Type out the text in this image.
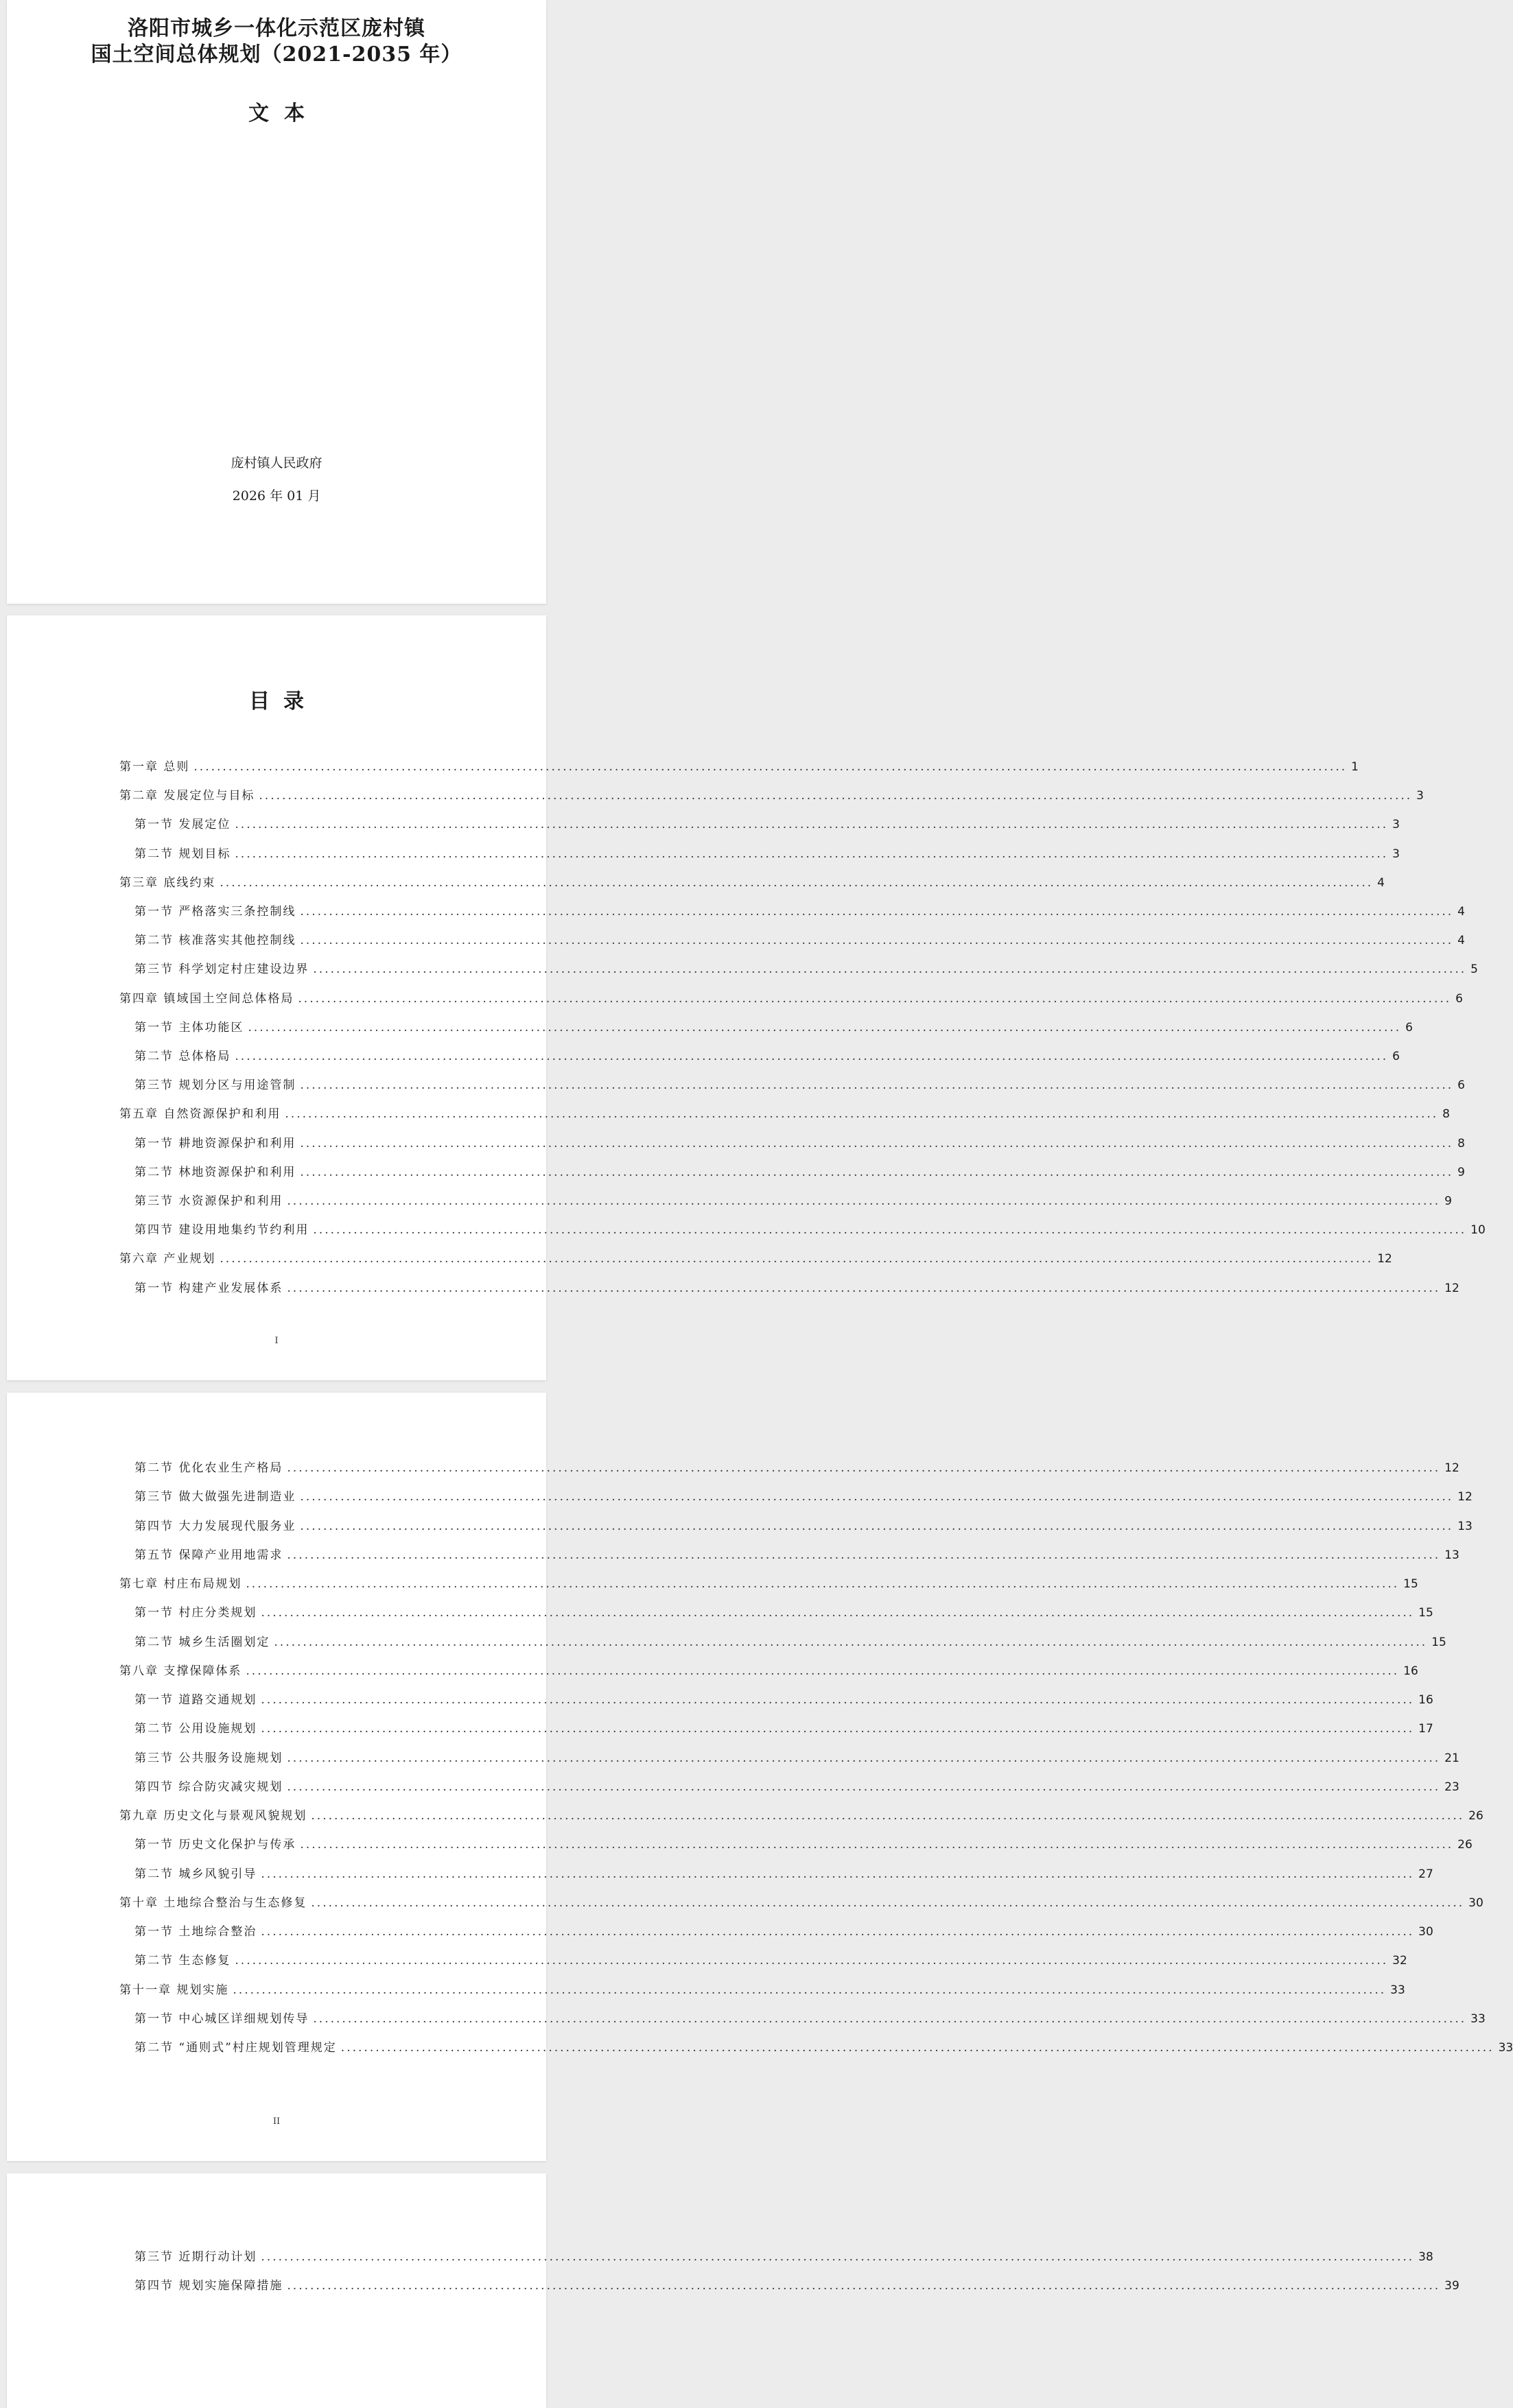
洛阳市城乡一体化示范区庞村镇
国土空间总体规划（2021-2035 年）
文本
庞村镇人民政府
2026 年 01 月
目录
第一章 总则 ........................................................................................................................................................................................................ 1
第二章 发展定位与目标 ........................................................................................................................................................................................................ 3
第一节 发展定位 ........................................................................................................................................................................................................ 3
第二节 规划目标 ........................................................................................................................................................................................................ 3
第三章 底线约束 ........................................................................................................................................................................................................ 4
第一节 严格落实三条控制线 ........................................................................................................................................................................................................ 4
第二节 核准落实其他控制线 ........................................................................................................................................................................................................ 4
第三节 科学划定村庄建设边界 ........................................................................................................................................................................................................ 5
第四章 镇域国土空间总体格局 ........................................................................................................................................................................................................ 6
第一节 主体功能区 ........................................................................................................................................................................................................ 6
第二节 总体格局 ........................................................................................................................................................................................................ 6
第三节 规划分区与用途管制 ........................................................................................................................................................................................................ 6
第五章 自然资源保护和利用 ........................................................................................................................................................................................................ 8
第一节 耕地资源保护和利用 ........................................................................................................................................................................................................ 8
第二节 林地资源保护和利用 ........................................................................................................................................................................................................ 9
第三节 水资源保护和利用 ........................................................................................................................................................................................................ 9
第四节 建设用地集约节约利用 ........................................................................................................................................................................................................ 10
第六章 产业规划 ........................................................................................................................................................................................................ 12
第一节 构建产业发展体系 ........................................................................................................................................................................................................ 12
I
第二节 优化农业生产格局 ........................................................................................................................................................................................................ 12
第三节 做大做强先进制造业 ........................................................................................................................................................................................................ 12
第四节 大力发展现代服务业 ........................................................................................................................................................................................................ 13
第五节 保障产业用地需求 ........................................................................................................................................................................................................ 13
第七章 村庄布局规划 ........................................................................................................................................................................................................ 15
第一节 村庄分类规划 ........................................................................................................................................................................................................ 15
第二节 城乡生活圈划定 ........................................................................................................................................................................................................ 15
第八章 支撑保障体系 ........................................................................................................................................................................................................ 16
第一节 道路交通规划 ........................................................................................................................................................................................................ 16
第二节 公用设施规划 ........................................................................................................................................................................................................ 17
第三节 公共服务设施规划 ........................................................................................................................................................................................................ 21
第四节 综合防灾减灾规划 ........................................................................................................................................................................................................ 23
第九章 历史文化与景观风貌规划 ........................................................................................................................................................................................................ 26
第一节 历史文化保护与传承 ........................................................................................................................................................................................................ 26
第二节 城乡风貌引导 ........................................................................................................................................................................................................ 27
第十章 土地综合整治与生态修复 ........................................................................................................................................................................................................ 30
第一节 土地综合整治 ........................................................................................................................................................................................................ 30
第二节 生态修复 ........................................................................................................................................................................................................ 32
第十一章 规划实施 ........................................................................................................................................................................................................ 33
第一节 中心城区详细规划传导 ........................................................................................................................................................................................................ 33
第二节 “通则式”村庄规划管理规定 ........................................................................................................................................................................................................ 33
II
第三节 近期行动计划 ........................................................................................................................................................................................................ 38
第四节 规划实施保障措施 ........................................................................................................................................................................................................ 39
